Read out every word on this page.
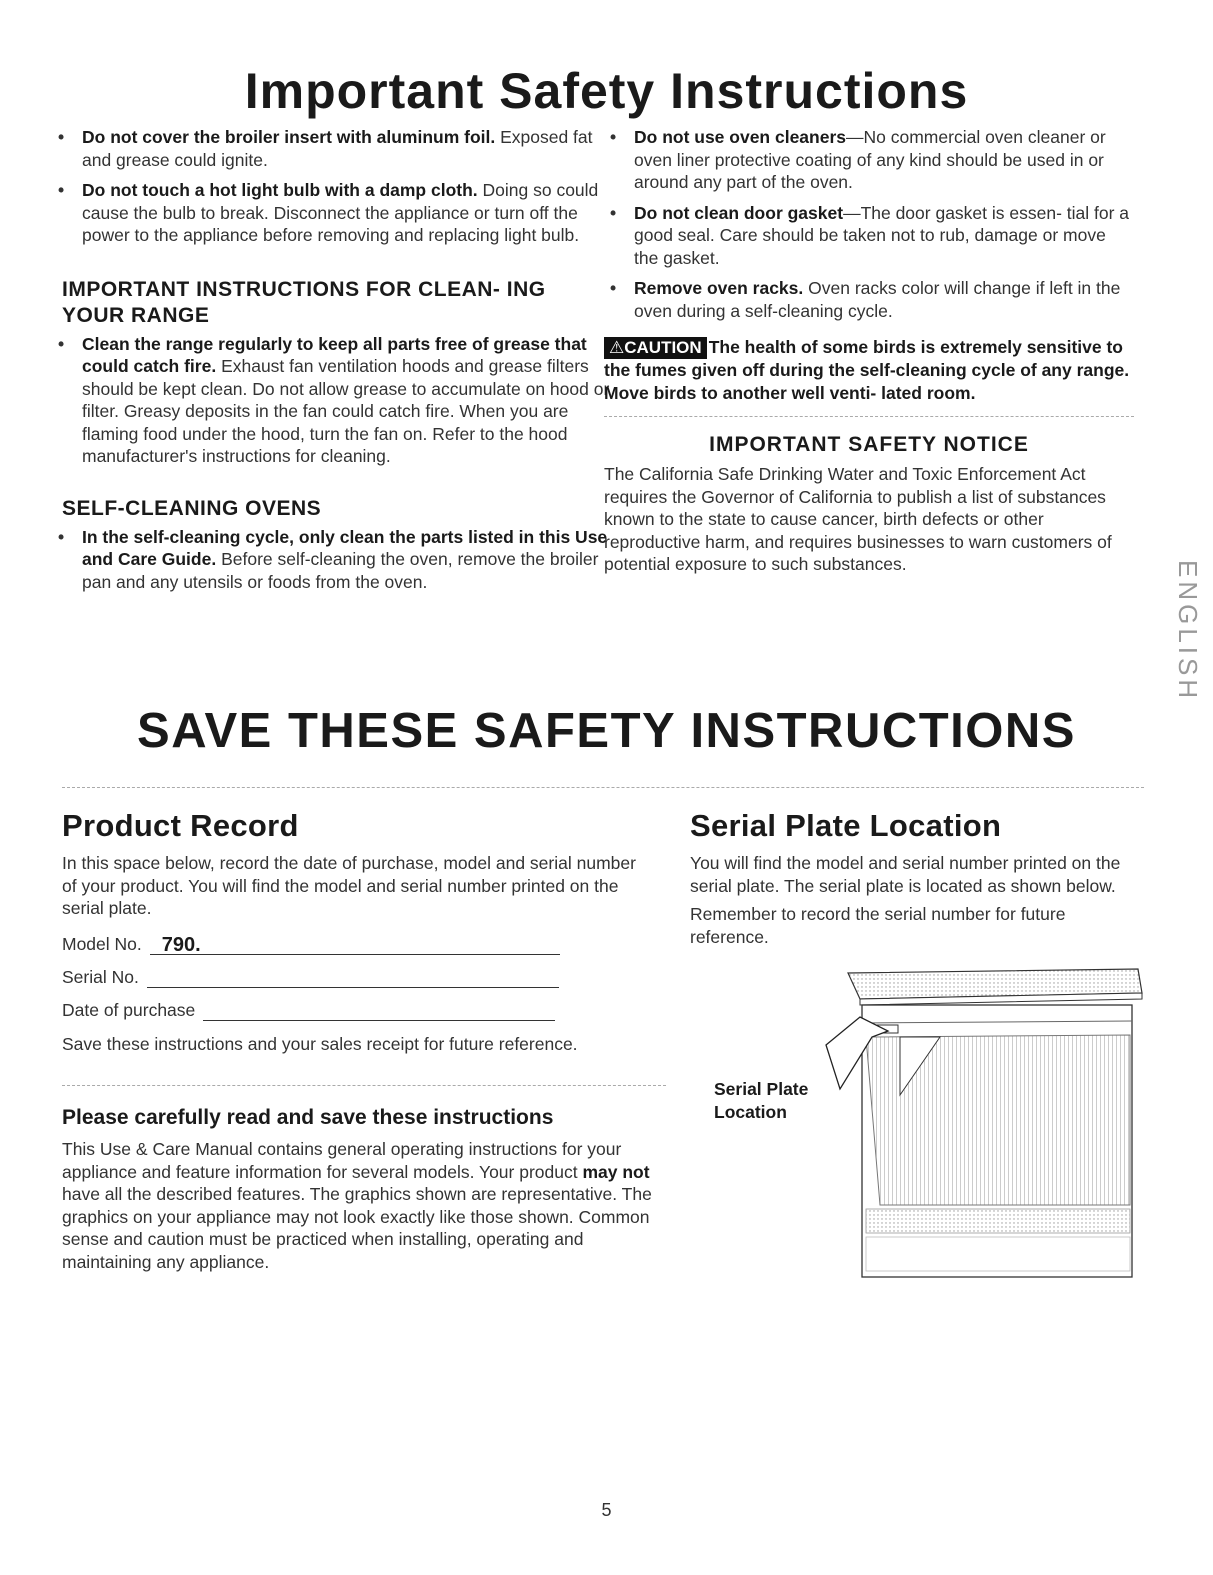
Important Safety Instructions
• Do not cover the broiler insert with aluminum foil. Exposed fat and grease could ignite.
• Do not touch a hot light bulb with a damp cloth. Doing so could cause the bulb to break. Disconnect the appliance or turn off the power to the appliance before removing and replacing light bulb.
IMPORTANT INSTRUCTIONS FOR CLEAN- ING YOUR RANGE
• Clean the range regularly to keep all parts free of grease that could catch fire. Exhaust fan ventilation hoods and grease filters should be kept clean. Do not allow grease to accumulate on hood or filter. Greasy deposits in the fan could catch fire. When you are flaming food under the hood, turn the fan on. Refer to the hood manufacturer's instructions for cleaning.
SELF-CLEANING OVENS
• In the self-cleaning cycle, only clean the parts listed in this Use and Care Guide. Before self-cleaning the oven, remove the broiler pan and any utensils or foods from the oven.
• Do not use oven cleaners—No commercial oven cleaner or oven liner protective coating of any kind should be used in or around any part of the oven.
• Do not clean door gasket—The door gasket is essen- tial for a good seal. Care should be taken not to rub, damage or move the gasket.
• Remove oven racks. Oven racks color will change if left in the oven during a self-cleaning cycle.
⚠CAUTION The health of some birds is extremely sensitive to the fumes given off during the self-cleaning cycle of any range. Move birds to another well venti- lated room.
IMPORTANT SAFETY NOTICE
The California Safe Drinking Water and Toxic Enforcement Act requires the Governor of California to publish a list of substances known to the state to cause cancer, birth defects or other reproductive harm, and requires businesses to warn customers of potential exposure to such substances.	ENGLISH
SAVE THESE SAFETY INSTRUCTIONS
Product Record
In this space below, record the date of purchase, model and serial number of your product. You will find the model and serial number printed on the serial plate.
Model No.	790.
Serial No.
Date of purchase
Save these instructions and your sales receipt for future reference.
Please carefully read and save these instructions
This Use & Care Manual contains general operating instructions for your appliance and feature information for several models. Your product may not have all the described features. The graphics shown are representative. The graphics on your appliance may not look exactly like those shown. Common sense and caution must be practiced when installing, operating and maintaining any appliance.
Serial Plate Location
You will find the model and serial number printed on the serial plate. The serial plate is located as shown below.
Remember to record the serial number for future reference.
Serial Plate
Location
5
